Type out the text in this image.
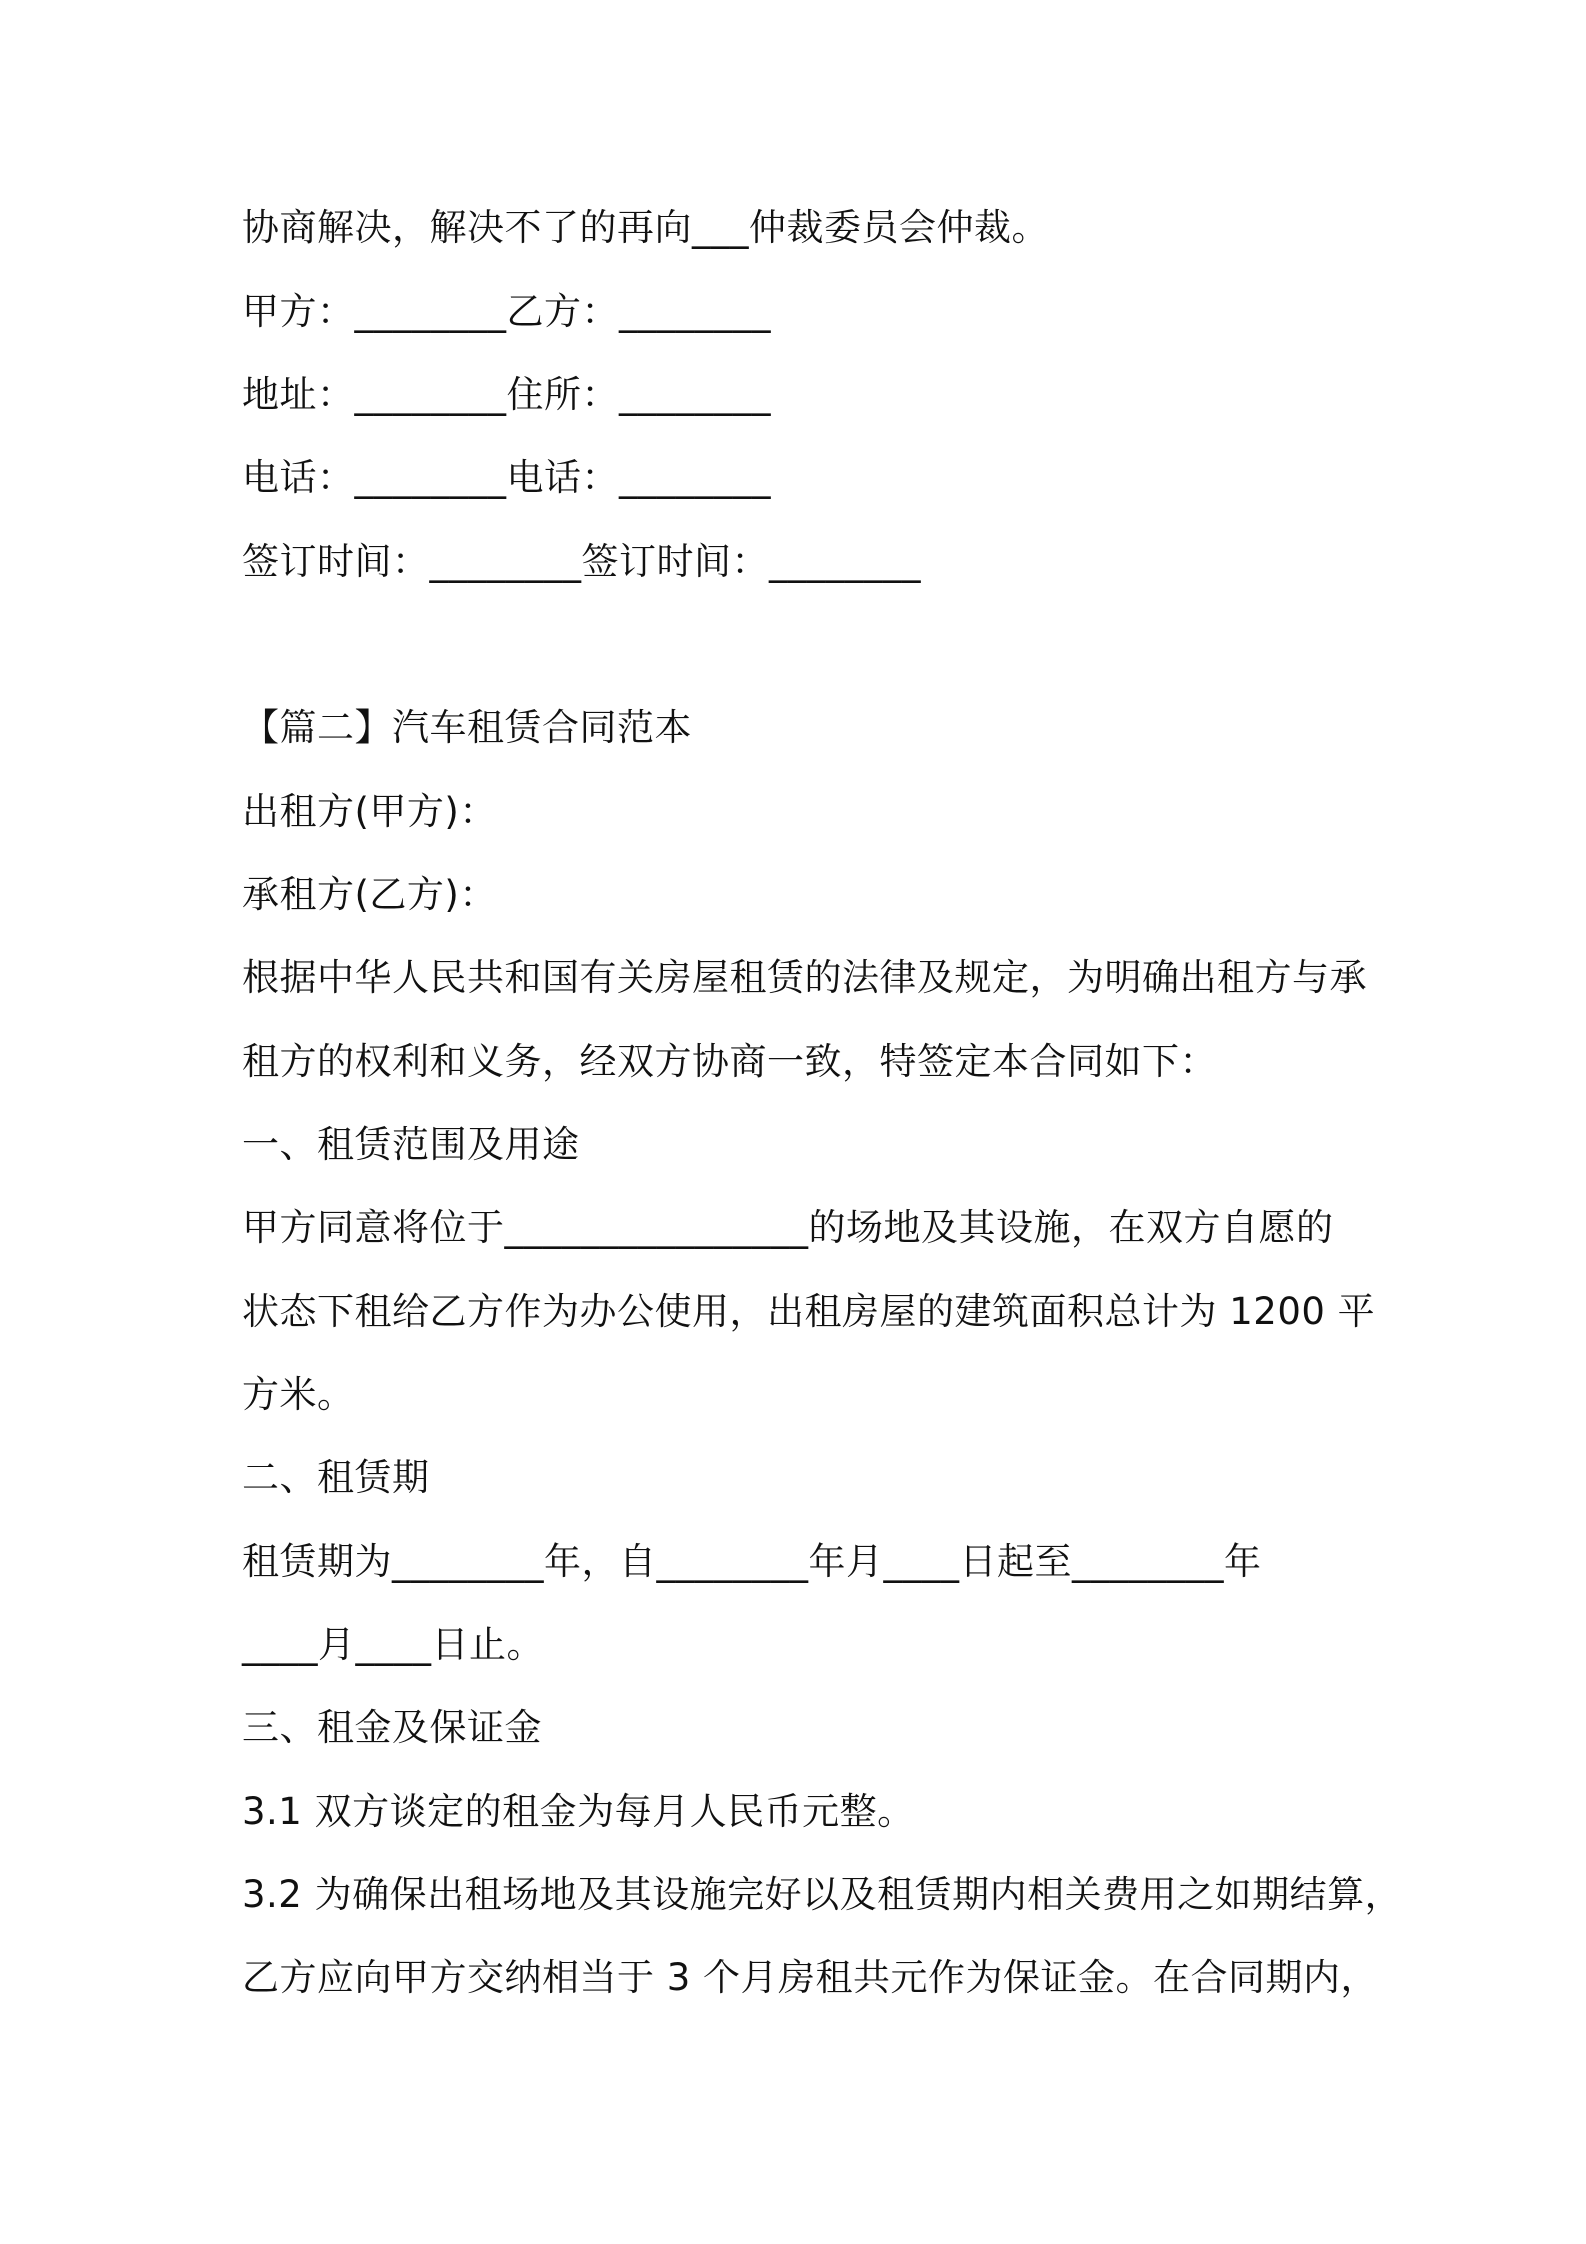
协商解决，解决不了的再向___仲裁委员会仲裁。
甲方：________乙方：________
地址：________住所：________
电话：________电话：________
签订时间：________签订时间：________
【篇二】汽车租赁合同范本
出租方(甲方)：
承租方(乙方)：
根据中华人民共和国有关房屋租赁的法律及规定，为明确出租方与承
租方的权利和义务，经双方协商一致，特签定本合同如下：
一、租赁范围及用途
甲方同意将位于________________的场地及其设施，在双方自愿的
状态下租给乙方作为办公使用，出租房屋的建筑面积总计为 1200 平
方米。
二、租赁期
租赁期为________年，自________年月____日起至________年
____月____日止。
三、租金及保证金
3.1 双方谈定的租金为每月人民币元整。
3.2 为确保出租场地及其设施完好以及租赁期内相关费用之如期结算，
乙方应向甲方交纳相当于 3 个月房租共元作为保证金。在合同期内，
